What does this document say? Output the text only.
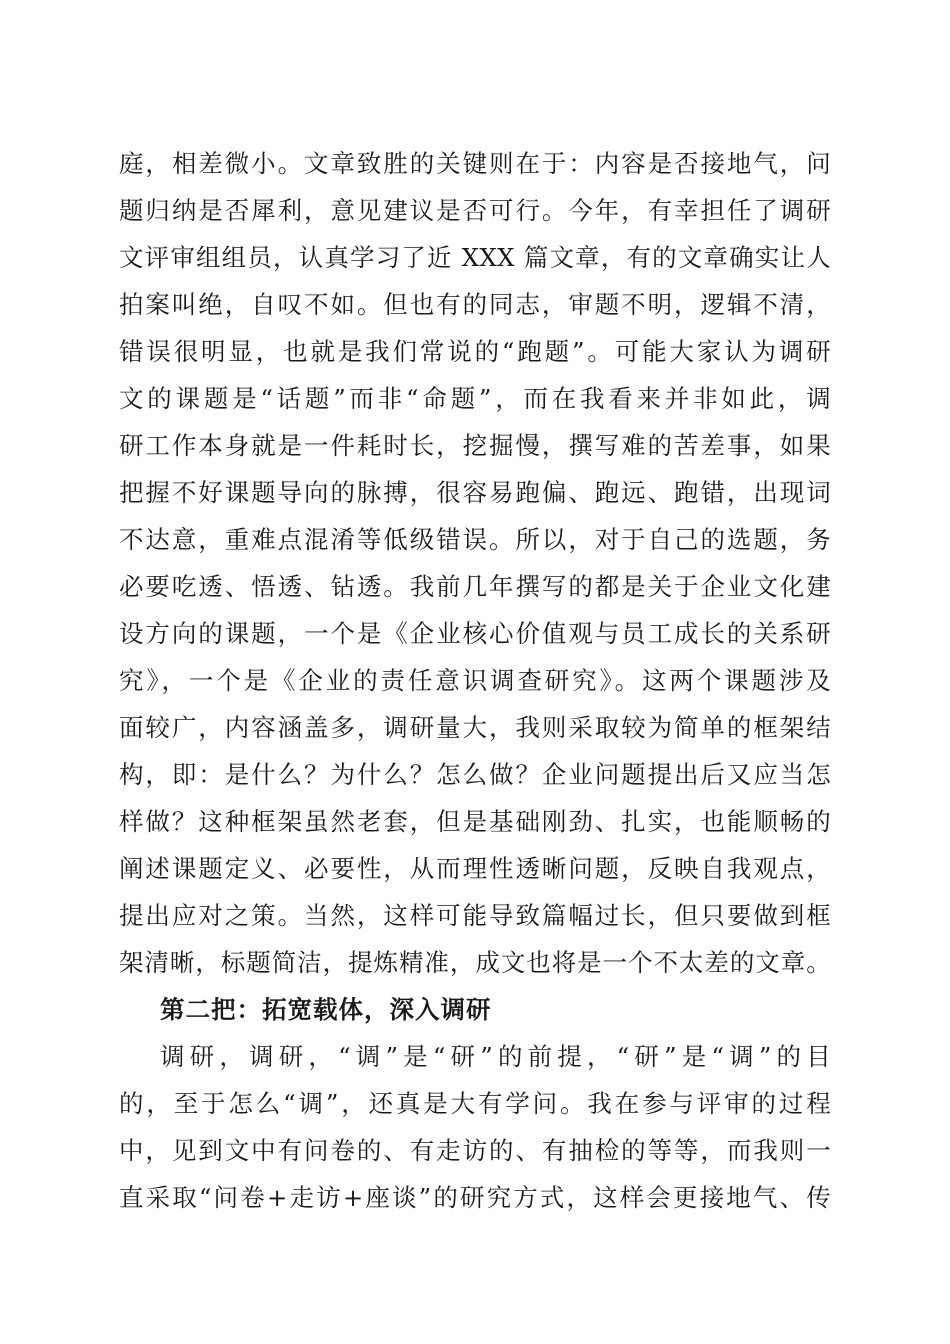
庭，相差微小。文章致胜的关键则在于：内容是否接地气，问
题归纳是否犀利，意见建议是否可行。今年，有幸担任了调研
文评审组组员，认真学习了近 XXX 篇文章，有的文章确实让人
拍案叫绝，自叹不如。但也有的同志，审题不明，逻辑不清，
错误很明显，也就是我们常说的“跑题”。可能大家认为调研
文的课题是“话题”而非“命题”，而在我看来并非如此，调
研工作本身就是一件耗时长，挖掘慢，撰写难的苦差事，如果
把握不好课题导向的脉搏，很容易跑偏、跑远、跑错，出现词
不达意，重难点混淆等低级错误。所以，对于自己的选题，务
必要吃透、悟透、钻透。我前几年撰写的都是关于企业文化建
设方向的课题，一个是《企业核心价值观与员工成长的关系研
究》，一个是《企业的责任意识调查研究》。这两个课题涉及
面较广，内容涵盖多，调研量大，我则采取较为简单的框架结
构，即：是什么？为什么？怎么做？企业问题提出后又应当怎
样做？这种框架虽然老套，但是基础刚劲、扎实，也能顺畅的
阐述课题定义、必要性，从而理性透晰问题，反映自我观点，
提出应对之策。当然，这样可能导致篇幅过长，但只要做到框
架清晰，标题简洁，提炼精准，成文也将是一个不太差的文章。
第二把：拓宽载体，深入调研
调研，调研，“调”是“研”的前提，“研”是“调”的目
的，至于怎么“调”，还真是大有学问。我在参与评审的过程
中，见到文中有问卷的、有走访的、有抽检的等等，而我则一
直采取“问卷+走访+座谈”的研究方式，这样会更接地气、传
